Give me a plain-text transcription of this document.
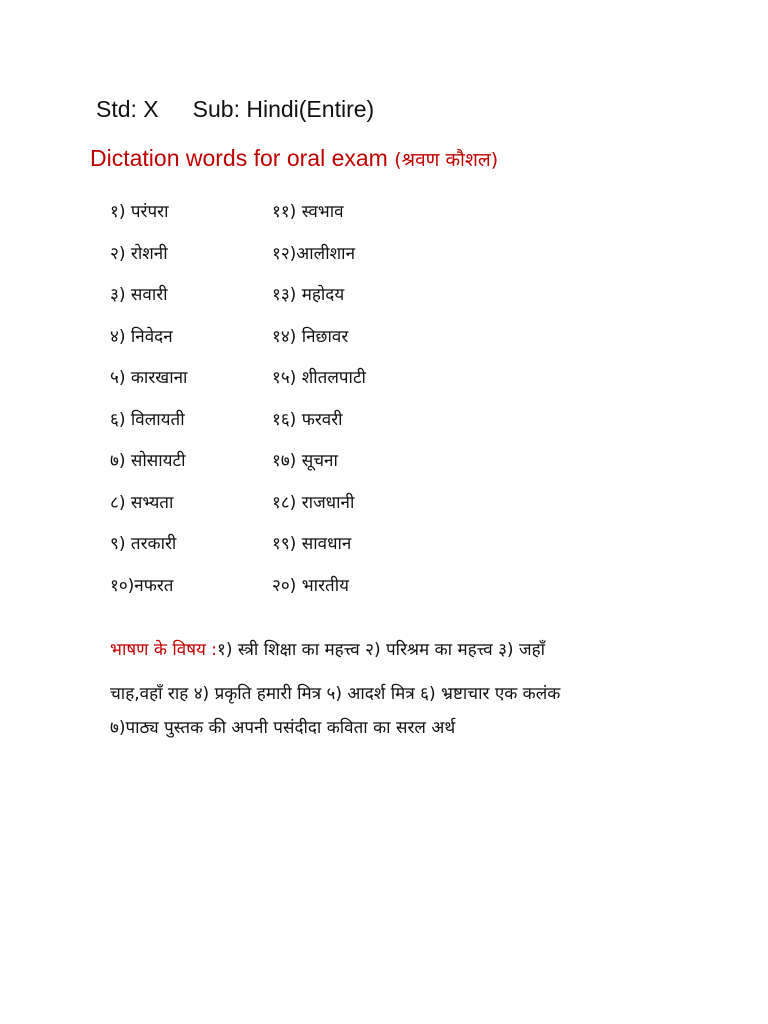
Std: X Sub: Hindi(Entire)
Dictation words for oral exam (श्रवण कौशल)
१) परंपरा	११) स्वभाव
२) रोशनी	१२)आलीशान
३) सवारी	१३) महोदय
४) निवेदन	१४) निछावर
५) कारखाना	१५) शीतलपाटी
६) विलायती	१६) फरवरी
७) सोसायटी	१७) सूचना
८) सभ्यता	१८) राजधानी
९) तरकारी	१९) सावधान
१०)नफरत	२०) भारतीय
भाषण के विषय :१) स्त्री शिक्षा का महत्त्व २) परिश्रम का महत्त्व ३) जहाँ
चाह,वहाँ राह ४) प्रकृति हमारी मित्र ५) आदर्श मित्र ६) भ्रष्टाचार एक कलंक
७)पाठ्य पुस्तक की अपनी पसंदीदा कविता का सरल अर्थ
